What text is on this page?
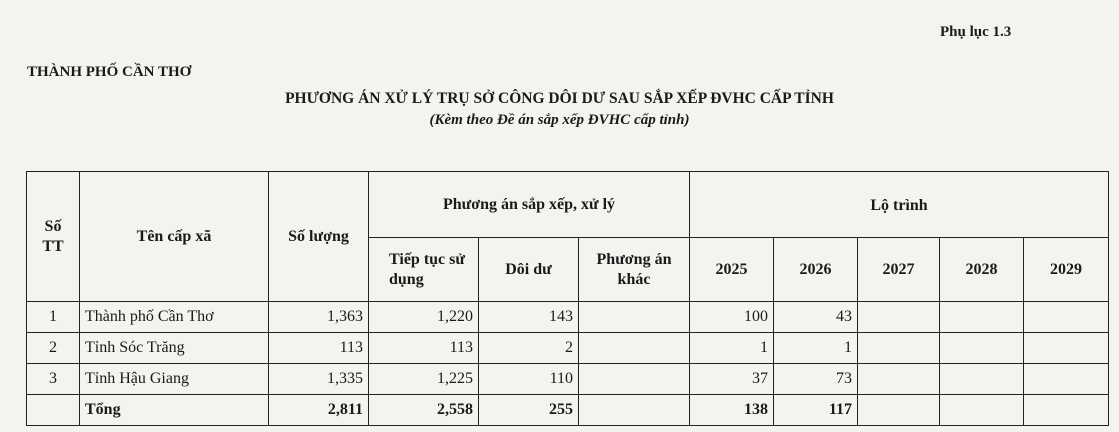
Phụ lục 1.3
THÀNH PHỐ CẦN THƠ
PHƯƠNG ÁN XỬ LÝ TRỤ SỞ CÔNG DÔI DƯ SAU SẮP XẾP ĐVHC CẤP TỈNH
(Kèm theo Đề án sắp xếp ĐVHC cấp tỉnh)
Số TT	Tên cấp xã	Số lượng	Phương án sắp xếp, xử lý			Lộ trình				
			Tiếp tục sử dụng	Dôi dư	Phương án khác	2025	2026	2027	2028	2029
1	Thành phố Cần Thơ	1,363	1,220	143		100	43			
2	Tỉnh Sóc Trăng	113	113	2		1	1			
3	Tỉnh Hậu Giang	1,335	1,225	110		37	73			
	Tổng	2,811	2,558	255		138	117			
